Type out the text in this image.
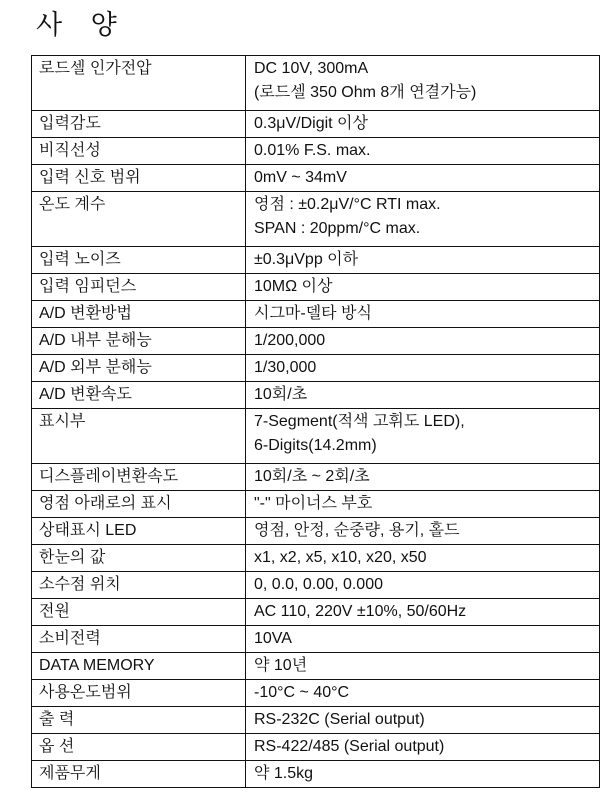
사 양
로드셀 인가전압	DC 10V, 300mA
(로드셀 350 Ohm 8개 연결가능)

입력감도	0.3μV/Digit 이상

비직선성	0.01% F.S. max.

입력 신호 범위	0mV ~ 34mV

온도 계수	영점 : ±0.2μV/°C RTI max.
SPAN : 20ppm/°C max.

입력 노이즈	±0.3μVpp 이하

입력 임피던스	10MΩ 이상

A/D 변환방법	시그마-델타 방식

A/D 내부 분해능	1/200,000

A/D 외부 분해능	1/30,000

A/D 변환속도	10회/초

표시부	7-Segment(적색 고휘도 LED),
6-Digits(14.2mm)

디스플레이변환속도	10회/초 ~ 2회/초

영점 아래로의 표시	"-" 마이너스 부호

상태표시 LED	영점, 안정, 순중량, 용기, 홀드

한눈의 값	x1, x2, x5, x10, x20, x50

소수점 위치	0, 0.0, 0.00, 0.000

전원	AC 110, 220V ±10%, 50/60Hz

소비전력	10VA

DATA MEMORY	약 10년

사용온도범위	-10°C ~ 40°C

출 력	RS-232C (Serial output)

옵 션	RS-422/485 (Serial output)

제품무게	약 1.5kg
